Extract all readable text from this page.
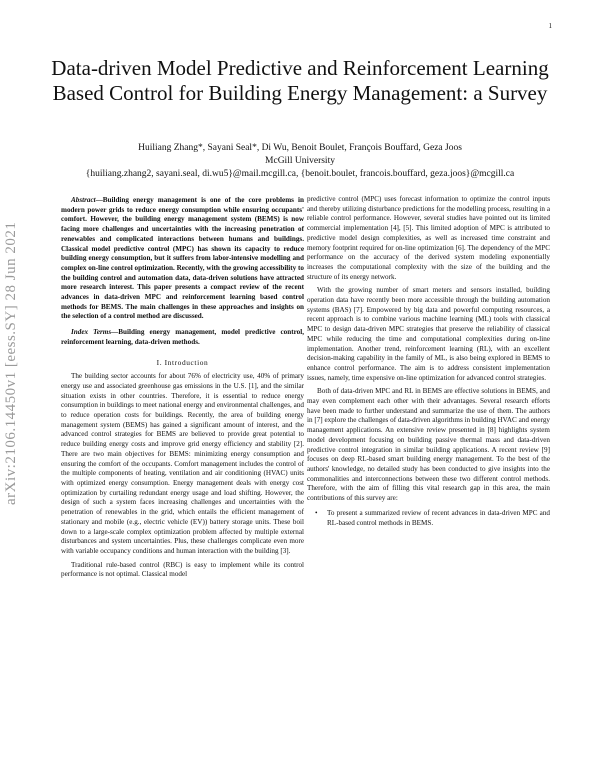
1
arXiv:2106.14450v1 [eess.SY] 28 Jun 2021
Data-driven Model Predictive and Reinforcement Learning Based Control for Building Energy Management: a Survey
Huiliang Zhang*, Sayani Seal*, Di Wu, Benoit Boulet, François Bouffard, Geza Joos
McGill University
{huiliang.zhang2, sayani.seal, di.wu5}@mail.mcgill.ca, {benoit.boulet, francois.bouffard, geza.joos}@mcgill.ca

Abstract—Building energy management is one of the core problems in modern power grids to reduce energy consumption while ensuring occupants' comfort. However, the building energy management system (BEMS) is now facing more challenges and uncertainties with the increasing penetration of renewables and complicated interactions between humans and buildings. Classical model predictive control (MPC) has shown its capacity to reduce building energy consumption, but it suffers from labor-intensive modelling and complex on-line control optimization. Recently, with the growing accessibility to the building control and automation data, data-driven solutions have attracted more research interest. This paper presents a compact review of the recent advances in data-driven MPC and reinforcement learning based control methods for BEMS. The main challenges in these approaches and insights on the selection of a control method are discussed.

Index Terms—Building energy management, model predictive control, reinforcement learning, data-driven methods.

I. Introduction

The building sector accounts for about 76% of electricity use, 40% of primary energy use and associated greenhouse gas emissions in the U.S. [1], and the similar situation exists in other countries. Therefore, it is essential to reduce energy consumption in buildings to meet national energy and environmental challenges, and to reduce operation costs for buildings. Recently, the area of building energy management system (BEMS) has gained a significant amount of interest, and the advanced control strategies for BEMS are believed to provide great potential to reduce building energy costs and improve grid energy efficiency and stability [2]. There are two main objectives for BEMS: minimizing energy consumption and ensuring the comfort of the occupants. Comfort management includes the control of the multiple components of heating, ventilation and air conditioning (HVAC) units with optimized energy consumption. Energy management deals with energy cost optimization by curtailing redundant energy usage and load shifting. However, the design of such a system faces increasing challenges and uncertainties with the penetration of renewables in the grid, which entails the efficient management of stationary and mobile (e.g., electric vehicle (EV)) battery storage units. These boil down to a large-scale complex optimization problem affected by multiple external disturbances and system uncertainties. Plus, these challenges complicate even more with variable occupancy conditions and human interaction with the building [3].

Traditional rule-based control (RBC) is easy to implement while its control performance is not optimal. Classical model

predictive control (MPC) uses forecast information to optimize the control inputs and thereby utilizing disturbance predictions for the modelling process, resulting in a reliable control performance. However, several studies have pointed out its limited commercial implementation [4], [5]. This limited adoption of MPC is attributed to predictive model design complexities, as well as increased time constraint and memory footprint required for on-line optimization [6]. The dependency of the MPC performance on the accuracy of the derived system modeling exponentially increases the computational complexity with the size of the building and the structure of its energy network.

With the growing number of smart meters and sensors installed, building operation data have recently been more accessible through the building automation systems (BAS) [7]. Empowered by big data and powerful computing resources, a recent approach is to combine various machine learning (ML) tools with classical MPC to design data-driven MPC strategies that preserve the reliability of classical MPC while reducing the time and computational complexities during on-line implementation. Another trend, reinforcement learning (RL), with an excellent decision-making capability in the family of ML, is also being explored in BEMS to enhance control performance. The aim is to address consistent implementation issues, namely, time expensive on-line optimization for advanced control strategies.

Both of data-driven MPC and RL in BEMS are effective solutions in BEMS, and may even complement each other with their advantages. Several research efforts have been made to further understand and summarize the use of them. The authors in [7] explore the challenges of data-driven algorithms in building HVAC and energy management applications. An extensive review presented in [8] highlights system model development focusing on building passive thermal mass and data-driven predictive control integration in similar building applications. A recent review [9] focuses on deep RL-based smart building energy management. To the best of the authors' knowledge, no detailed study has been conducted to give insights into the commonalities and interconnections between these two different control methods. Therefore, with the aim of filling this vital research gap in this area, the main contributions of this survey are:

•	To present a summarized review of recent advances in data-driven MPC and RL-based control methods in BEMS.
